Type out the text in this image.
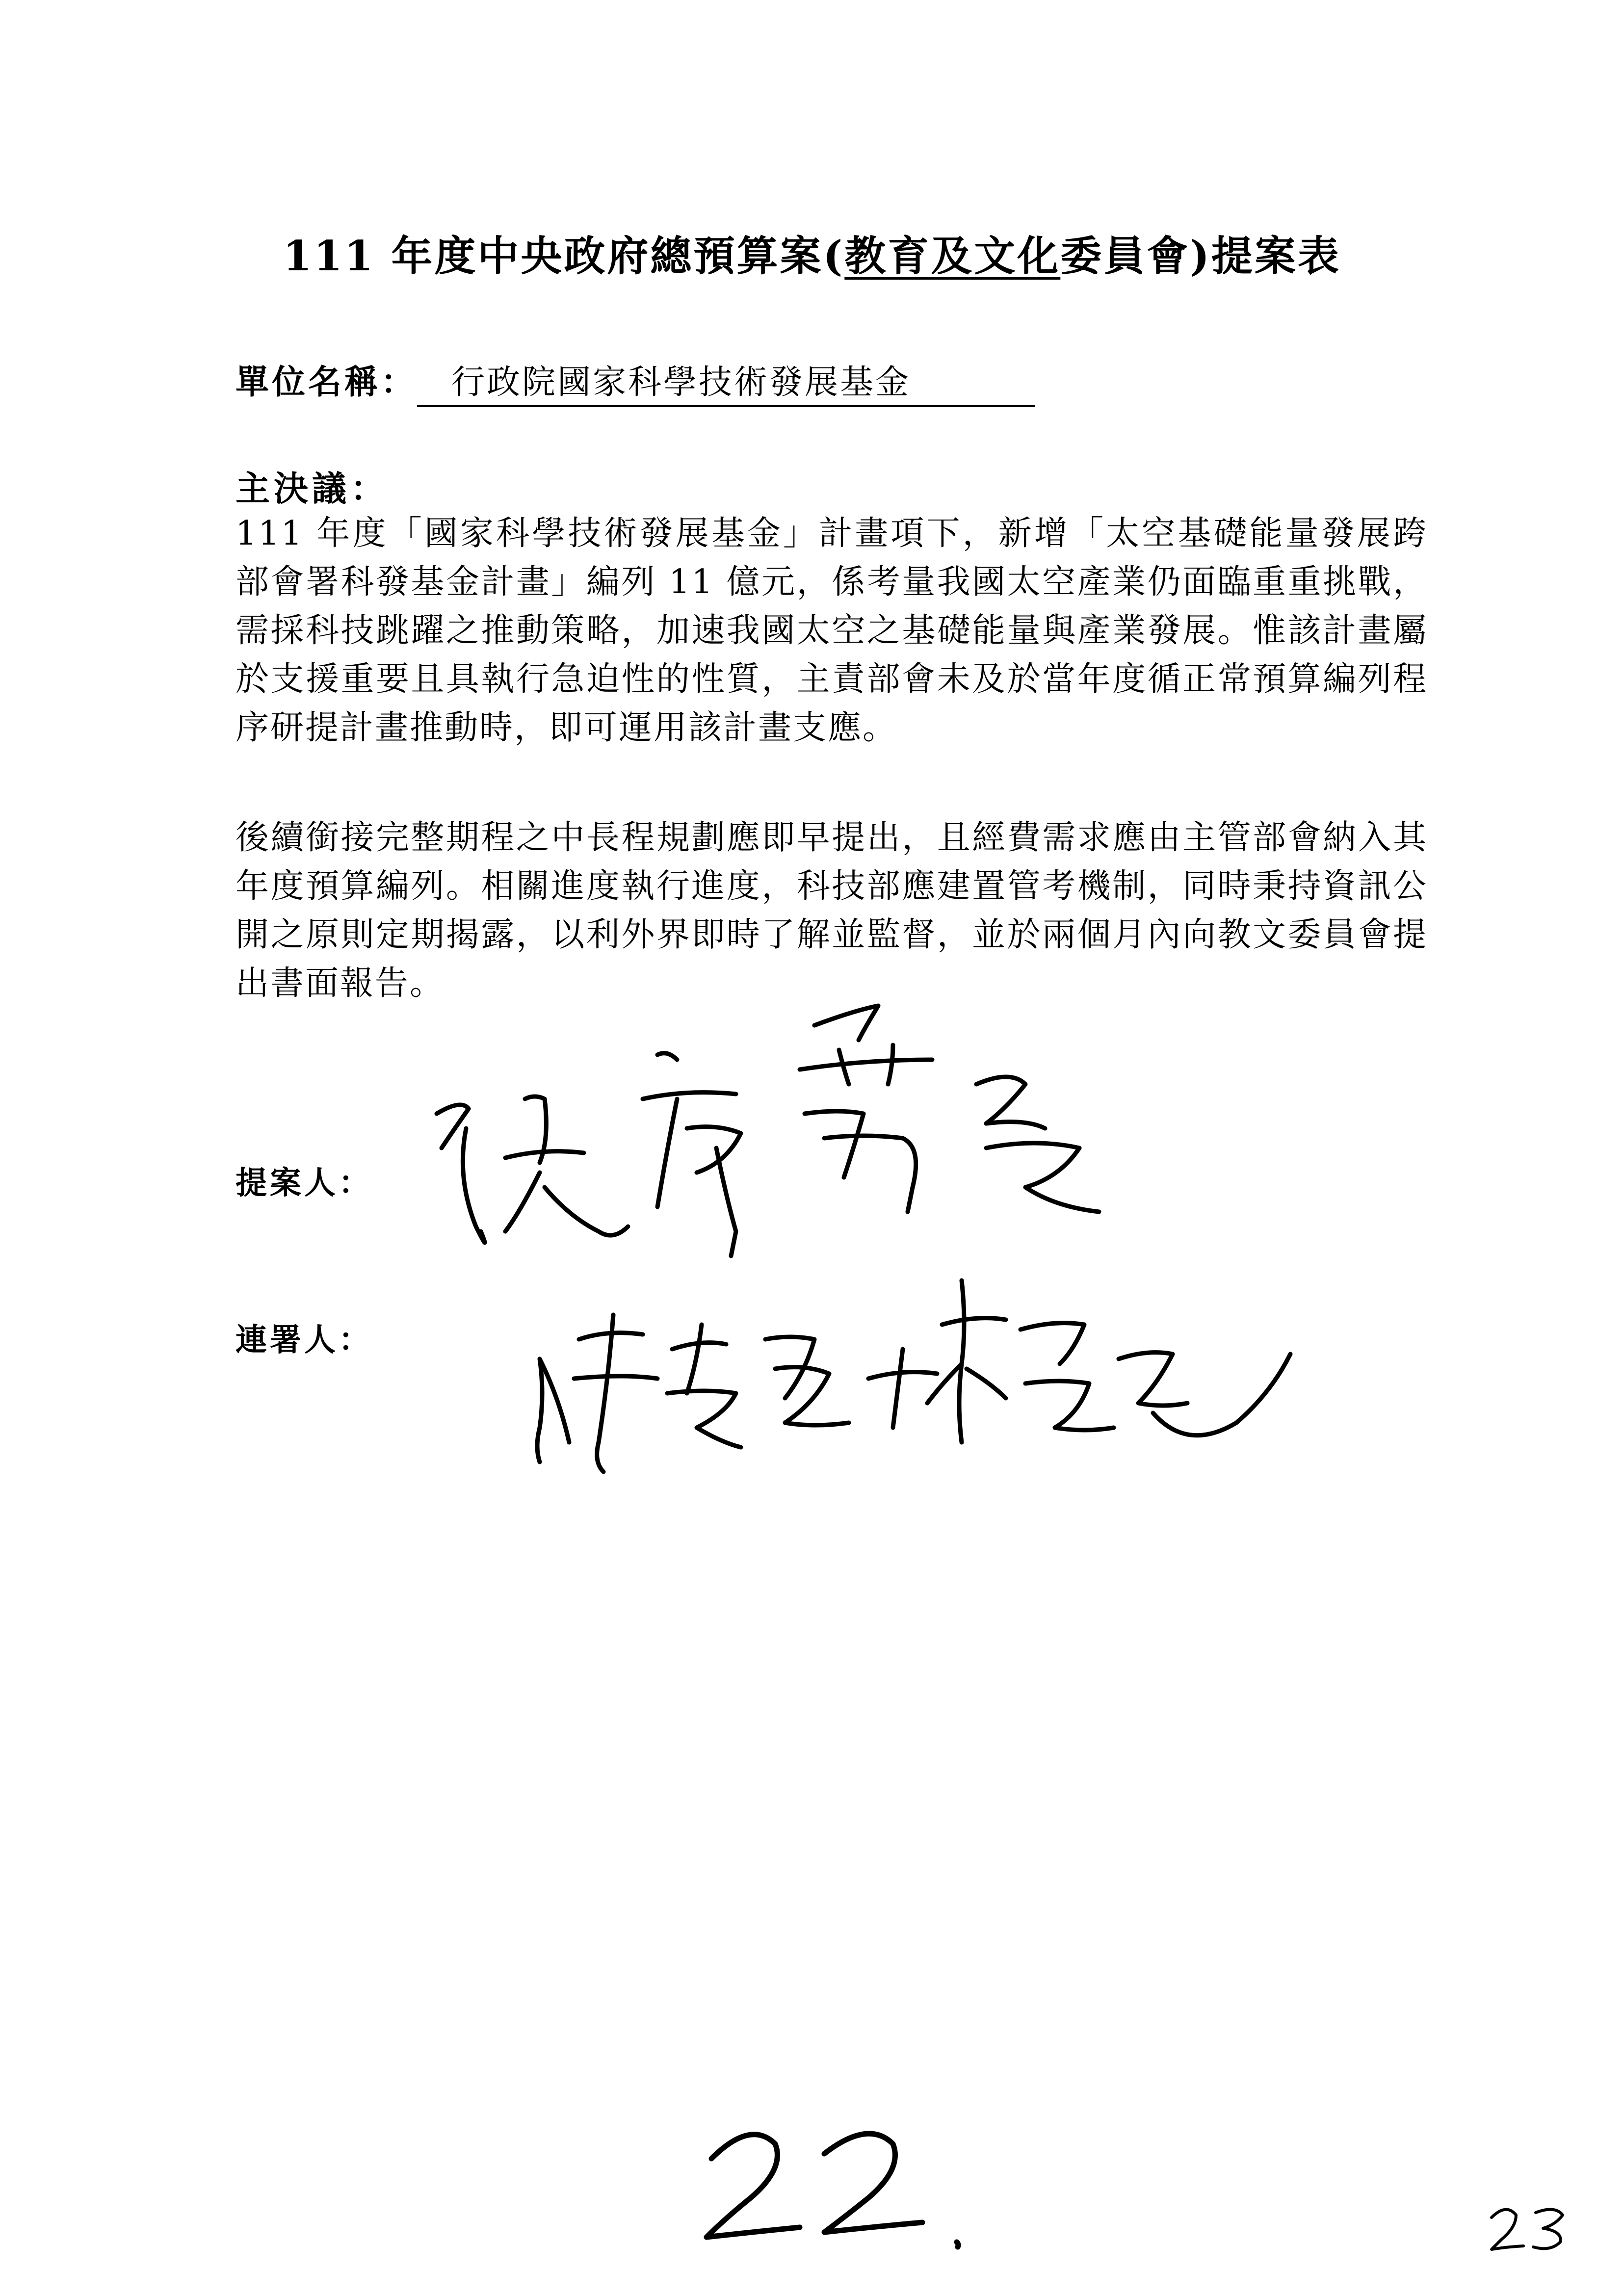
111 年度中央政府總預算案(教育及文化委員會)提案表
單位名稱： 行政院國家科學技術發展基金
主決議：
111 年度「國家科學技術發展基金」計畫項下，新增「太空基礎能量發展跨部會署科發基金計畫」編列 11 億元，係考量我國太空產業仍面臨重重挑戰，需採科技跳躍之推動策略，加速我國太空之基礎能量與產業發展。惟該計畫屬於支援重要且具執行急迫性的性質，主責部會未及於當年度循正常預算編列程序研提計畫推動時，即可運用該計畫支應。
後續銜接完整期程之中長程規劃應即早提出，且經費需求應由主管部會納入其年度預算編列。相關進度執行進度，科技部應建置管考機制，同時秉持資訊公開之原則定期揭露，以利外界即時了解並監督，並於兩個月內向教文委員會提出書面報告。
提案人：
連署人：
